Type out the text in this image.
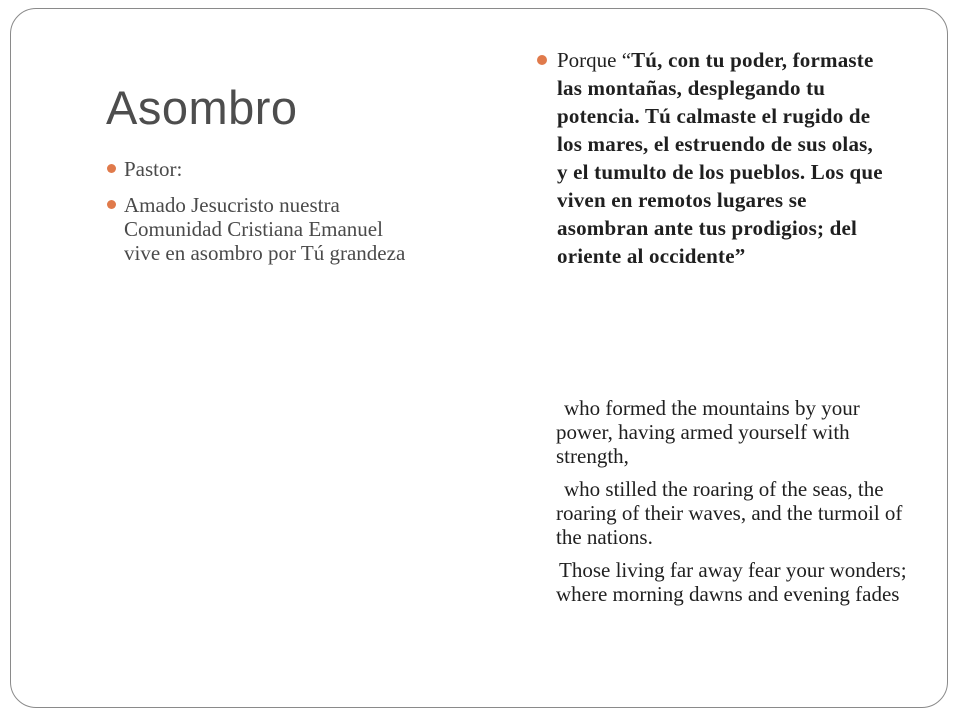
Asombro
Pastor:
Amado Jesucristo nuestra Comunidad Cristiana Emanuel vive en asombro por Tú grandeza
Porque “Tú, con tu poder, formaste las montañas, desplegando tu potencia. Tú calmaste el rugido de los mares, el estruendo de sus olas, y el tumulto de los pueblos. Los que viven en remotos lugares se asombran ante tus prodigios; del oriente al occidente”

who formed the mountains by your power, having armed yourself with strength,

who stilled the roaring of the seas, the roaring of their waves, and the turmoil of the nations.

Those living far away fear your wonders; where morning dawns and evening fades
